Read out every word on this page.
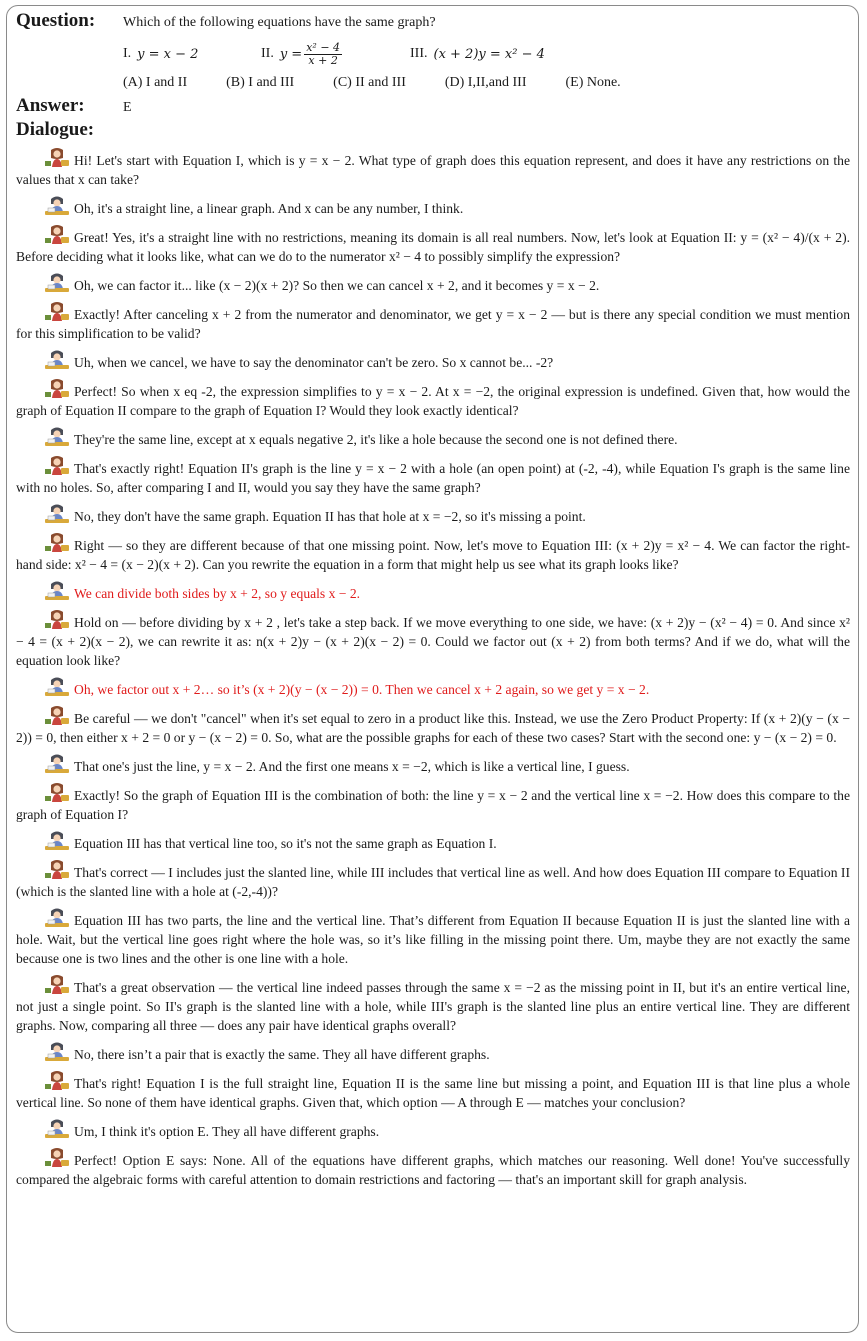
Question:	Which of the following equations have the same graph?
I. y = x − 2	II. $y = \frac{\text{x² − 4}}{x + 2}$	III. (x + 2)y = x² − 4
(A) I and II	(B) I and III	(C) II and III	(D) I,II,and III	(E) None.
Answer:	E
Dialogue:
Hi! Let's start with Equation I, which is y = x − 2. What type of graph does this equation represent, and does it have any restrictions on the values that x can take?
Oh, it's a straight line, a linear graph. And x can be any number, I think.
Great! Yes, it's a straight line with no restrictions, meaning its domain is all real numbers. Now, let's look at Equation II: y = (x² − 4)/(x + 2). Before deciding what it looks like, what can we do to the numerator x² − 4 to possibly simplify the expression?
Oh, we can factor it... like (x − 2)(x + 2)? So then we can cancel x + 2, and it becomes y = x − 2.
Exactly! After canceling x + 2 from the numerator and denominator, we get y = x − 2 — but is there any special condition we must mention for this simplification to be valid?
Uh, when we cancel, we have to say the denominator can't be zero. So x cannot be... -2?
Perfect! So when x eq -2, the expression simplifies to y = x − 2. At x = −2, the original expression is undefined. Given that, how would the graph of Equation II compare to the graph of Equation I? Would they look exactly identical?
They're the same line, except at x equals negative 2, it's like a hole because the second one is not defined there.
That's exactly right! Equation II's graph is the line y = x − 2 with a hole (an open point) at (-2, -4), while Equation I's graph is the same line with no holes. So, after comparing I and II, would you say they have the same graph?
No, they don't have the same graph. Equation II has that hole at x = −2, so it's missing a point.
Right — so they are different because of that one missing point. Now, let's move to Equation III: (x + 2)y = x² − 4. We can factor the right-hand side: x² − 4 = (x − 2)(x + 2). Can you rewrite the equation in a form that might help us see what its graph looks like?
We can divide both sides by x + 2, so y equals x − 2.
Hold on — before dividing by x + 2 , let's take a step back. If we move everything to one side, we have: (x + 2)y − (x² − 4) = 0. And since x² − 4 = (x + 2)(x − 2), we can rewrite it as: n(x + 2)y − (x + 2)(x − 2) = 0. Could we factor out (x + 2) from both terms? And if we do, what will the equation look like?
Oh, we factor out x + 2… so it’s (x + 2)(y − (x − 2)) = 0. Then we cancel x + 2 again, so we get y = x − 2.
Be careful — we don't "cancel" when it's set equal to zero in a product like this. Instead, we use the Zero Product Property: If (x + 2)(y − (x − 2)) = 0, then either x + 2 = 0 or y − (x − 2) = 0. So, what are the possible graphs for each of these two cases? Start with the second one: y − (x − 2) = 0.
That one's just the line, y = x − 2. And the first one means x = −2, which is like a vertical line, I guess.
Exactly! So the graph of Equation III is the combination of both: the line y = x − 2 and the vertical line x = −2. How does this compare to the graph of Equation I?
Equation III has that vertical line too, so it's not the same graph as Equation I.
That's correct — I includes just the slanted line, while III includes that vertical line as well. And how does Equation III compare to Equation II (which is the slanted line with a hole at (-2,-4))?
Equation III has two parts, the line and the vertical line. That’s different from Equation II because Equation II is just the slanted line with a hole. Wait, but the vertical line goes right where the hole was, so it’s like filling in the missing point there. Um, maybe they are not exactly the same because one is two lines and the other is one line with a hole.
That's a great observation — the vertical line indeed passes through the same x = −2 as the missing point in II, but it's an entire vertical line, not just a single point. So II's graph is the slanted line with a hole, while III's graph is the slanted line plus an entire vertical line. They are different graphs. Now, comparing all three — does any pair have identical graphs overall?
No, there isn’t a pair that is exactly the same. They all have different graphs.
That's right! Equation I is the full straight line, Equation II is the same line but missing a point, and Equation III is that line plus a whole vertical line. So none of them have identical graphs. Given that, which option — A through E — matches your conclusion?
Um, I think it's option E. They all have different graphs.
Perfect! Option E says: None. All of the equations have different graphs, which matches our reasoning. Well done! You've successfully compared the algebraic forms with careful attention to domain restrictions and factoring — that's an important skill for graph analysis.
